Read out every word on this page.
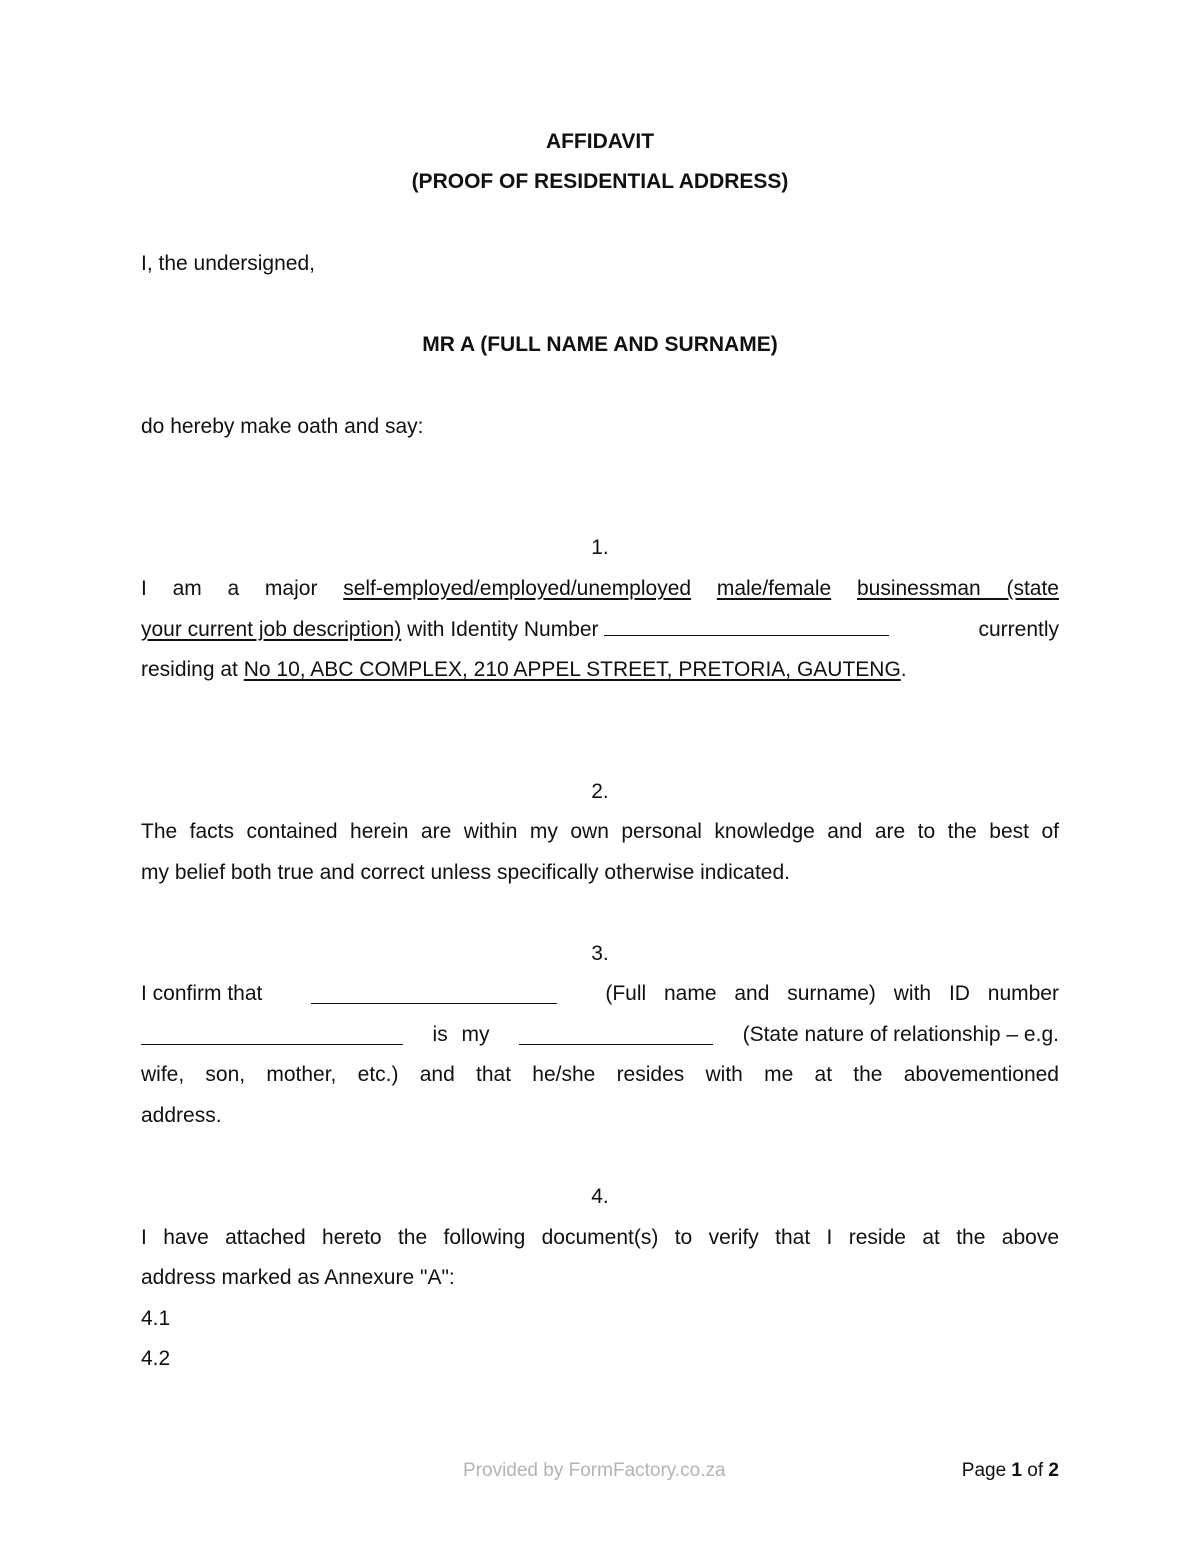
AFFIDAVIT
(PROOF OF RESIDENTIAL ADDRESS)
I, the undersigned,
MR A (FULL NAME AND SURNAME)
do hereby make oath and say:
1.
I am a major self-employed/employed/unemployed male/female businessman (state
your current job description) with Identity Number	currently
residing at No 10, ABC COMPLEX, 210 APPEL STREET, PRETORIA, GAUTENG.
2.
The facts contained herein are within my own personal knowledge and are to the best of
my belief both true and correct unless specifically otherwise indicated.
3.
I confirm that	(Full name and surname) with ID number
is my	(State nature of relationship – e.g.
wife, son, mother, etc.) and that he/she resides with me at the abovementioned
address.
4.
I have attached hereto the following document(s) to verify that I reside at the above
address marked as Annexure "A":
4.1
4.2
Provided by FormFactory.co.za	Page 1 of 2
